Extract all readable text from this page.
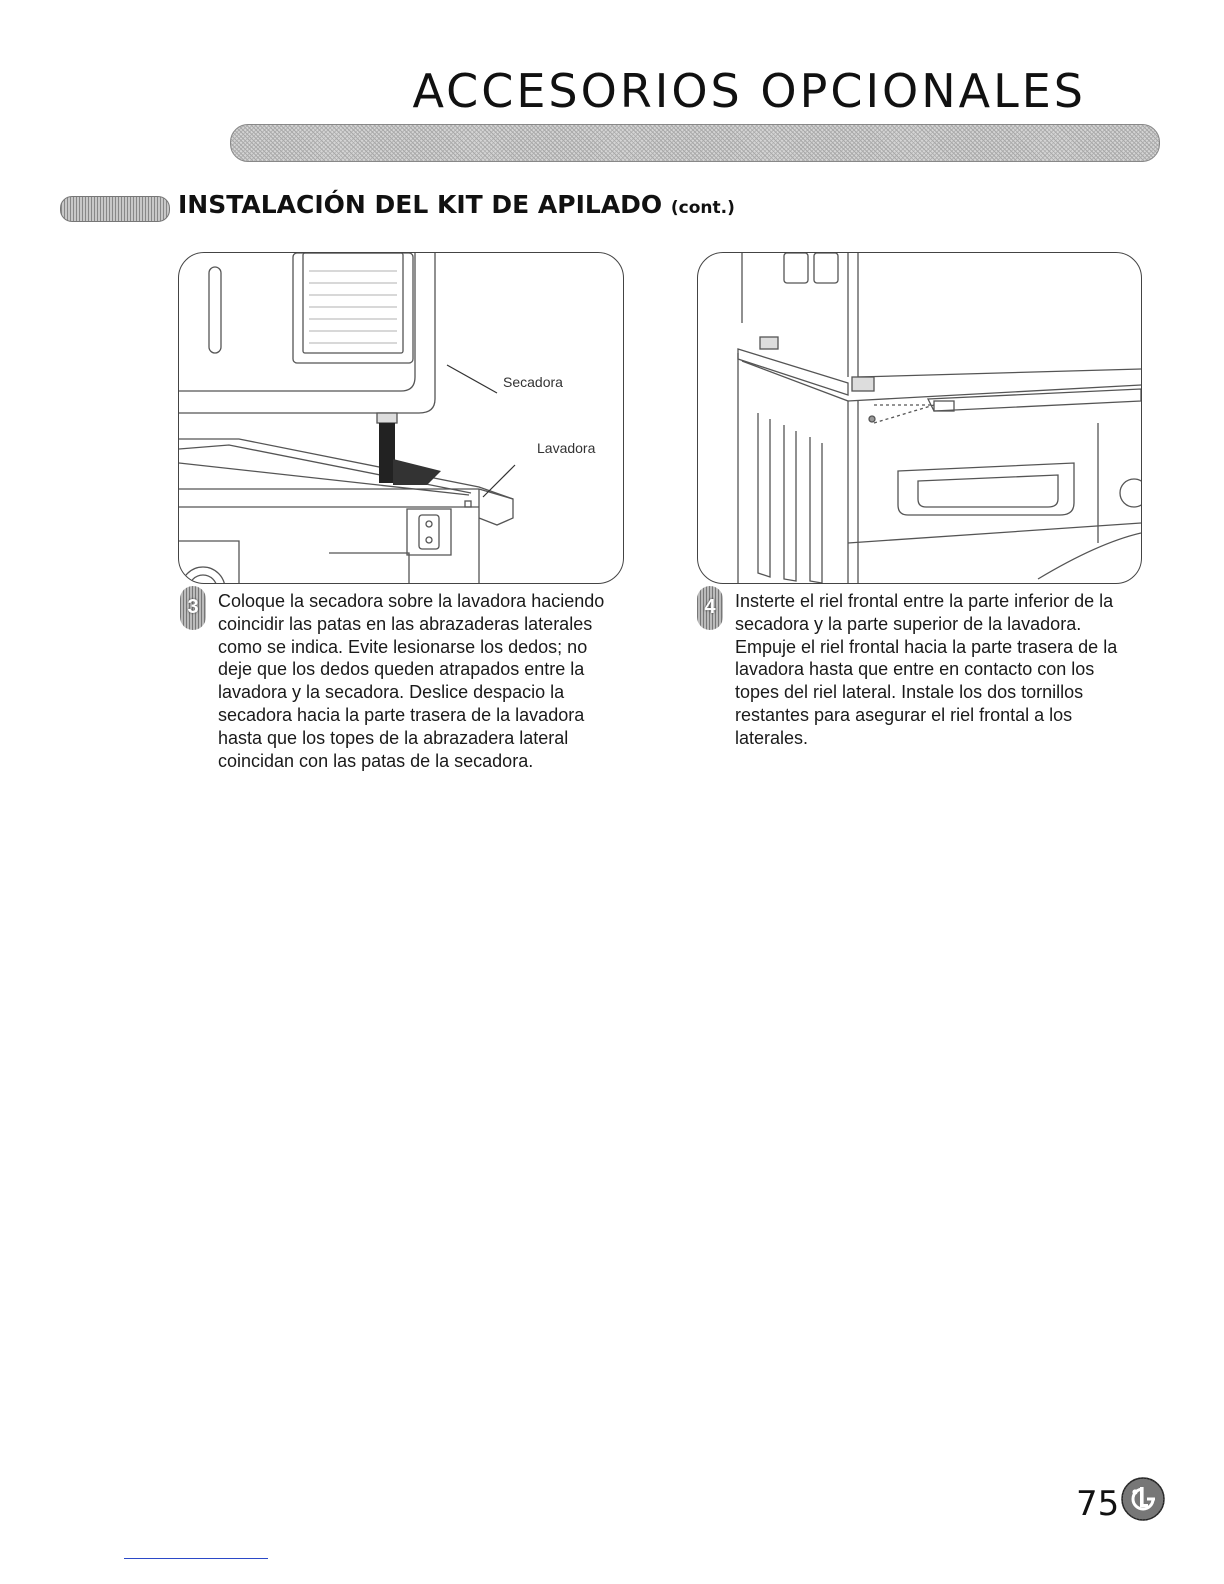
ACCESORIOS OPCIONALES
INSTALACIÓN DEL KIT DE APILADO (cont.)
Secadora
Lavadora
3	Coloque la secadora sobre la lavadora haciendo coincidir las patas en las abrazaderas laterales como se indica. Evite lesionarse los dedos; no deje que los dedos queden atrapados entre la lavadora y la secadora. Deslice despacio la secadora hacia la parte trasera de la lavadora hasta que los topes de la abrazadera lateral coincidan con las patas de la secadora.

4	Insterte el riel frontal entre la parte inferior de la secadora y la parte superior de la lavadora. Empuje el riel frontal hacia la parte trasera de la lavadora hasta que entre en contacto con los topes del riel lateral. Instale los dos tornillos restantes para asegurar el riel frontal a los laterales.

75
